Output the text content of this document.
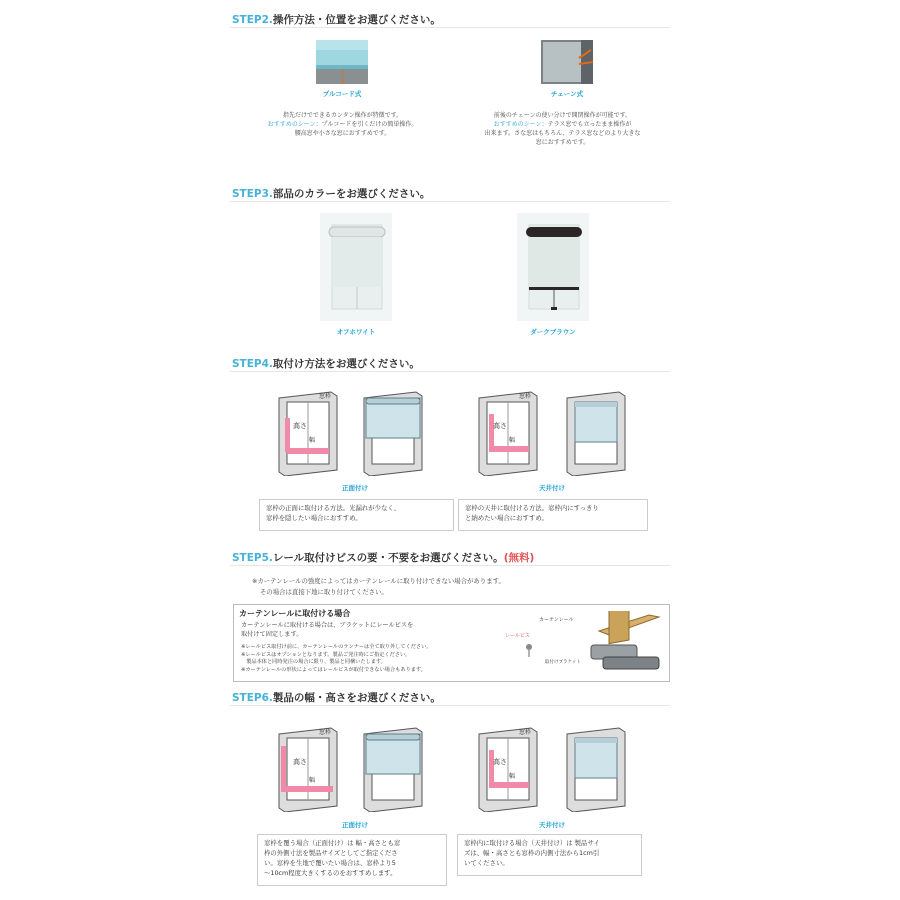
STEP2.操作方法・位置をお選びください。
プルコード式	チェーン式
指先だけでできるカンタン操作が特徴です。
おすすめのシーン：プルコードを引くだけの簡単操作。
腰高窓や小さな窓におすすめです。
前後のチェーンの使い分けで開閉操作が可能です。
おすすめのシーン：テラス窓でも立ったまま操作が
出来ます。さな窓はもちろん、テラス窓などのより大きな
窓におすすめです。
STEP3.部品のカラーをお選びください。
オフホワイト	ダークブラウン
STEP4.取付け方法をお選びください。
高さ
幅
窓枠
高さ
幅
窓枠
正面付け	天井付け
窓枠の正面に取付ける方法。光漏れが少なく、
窓枠を隠したい場合におすすめ。
窓枠の天井に取付ける方法。窓枠内にすっきり
と納めたい場合におすすめ。
STEP5.レール取付けビスの要・不要をお選びください。(無料)
※カーテンレールの強度によってはカーテンレールに取り付けできない場合があります。
その場合は直接下地に取り付けてください。
カーテンレールに取付ける場合
カーテンレールに取付ける場合は、ブラケットにレールビスを
取付けて固定します。
※レールビス取付け前に、カーテンレールのランナーは全て取り外してください。
※レールビスはオプションとなります。製品ご発注時にご指定ください。
　製品本体と同時発注の場合に限り、製品と同梱いたします。
※カーテンレールの形状によってはレールビスが取付できない場合もあります。
カーテンレール
レールビス
取付けブラケット
STEP6.製品の幅・高さをお選びください。
高さ
幅
窓枠
高さ
幅
窓枠
正面付け	天井付け
窓枠を覆う場合（正面付け）は 幅・高さとも窓
枠の外側寸法を製品サイズとしてご指定くださ
い。窓枠を生地で覆いたい場合は、窓枠より5
～10cm程度大きくするのをおすすめします。
窓枠内に取付ける場合（天井付け）は 製品サイ
ズは、幅・高さとも窓枠の内側寸法から1cm引
いてください。
